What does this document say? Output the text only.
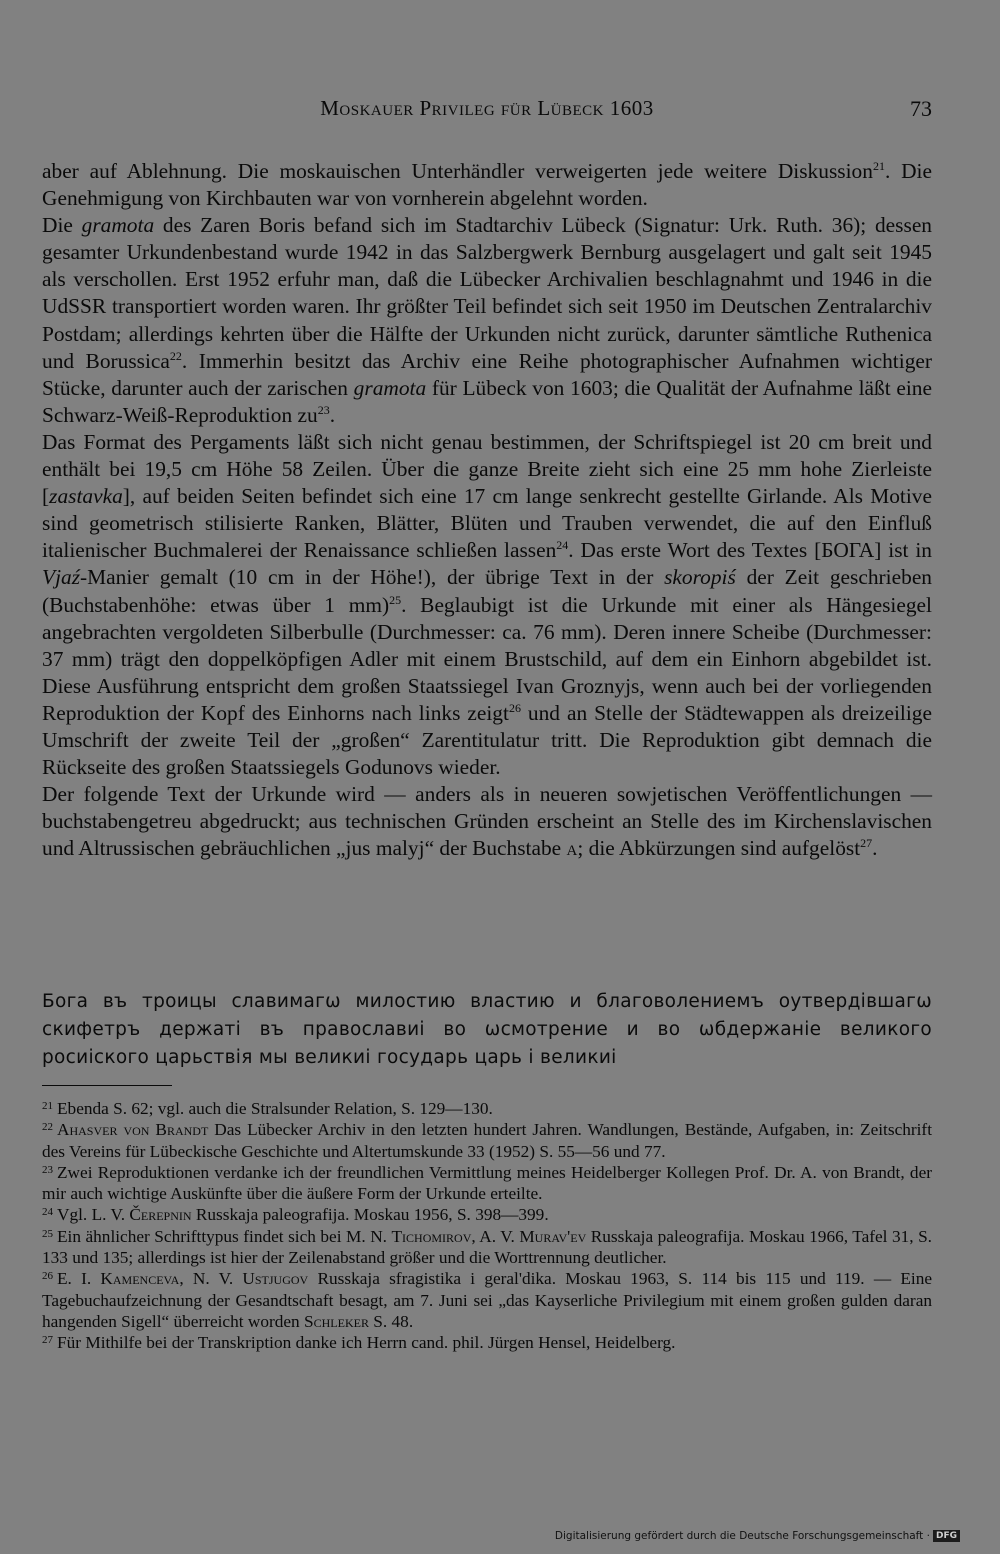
Moskauer Privileg für Lübeck 1603	73

aber auf Ablehnung. Die moskauischen Unterhändler verweigerten jede weitere Diskussion$^{21}$. Die Genehmigung von Kirchbauten war von vornherein abgelehnt worden.

Die gramota des Zaren Boris befand sich im Stadtarchiv Lübeck (Signatur: Urk. Ruth. 36); dessen gesamter Urkundenbestand wurde 1942 in das Salzbergwerk Bernburg ausgelagert und galt seit 1945 als verschollen. Erst 1952 erfuhr man, daß die Lübecker Archivalien beschlagnahmt und 1946 in die UdSSR transportiert worden waren. Ihr größter Teil befindet sich seit 1950 im Deutschen Zentralarchiv Postdam; allerdings kehrten über die Hälfte der Urkunden nicht zurück, darunter sämtliche Ruthenica und Borussica$^{22}$. Immerhin besitzt das Archiv eine Reihe photographischer Aufnahmen wichtiger Stücke, darunter auch der zarischen gramota für Lübeck von 1603; die Qualität der Aufnahme läßt eine Schwarz-Weiß-Reproduktion $zu^{23}$.

Das Format des Pergaments läßt sich nicht genau bestimmen, der Schriftspiegel ist 20 cm breit und enthält bei 19,5 cm Höhe 58 Zeilen. Über die ganze Breite zieht sich eine 25 mm hohe Zierleiste [zastavka], auf beiden Seiten befindet sich eine 17 cm lange senkrecht gestellte Girlande. Als Motive sind geometrisch stilisierte Ranken, Blätter, Blüten und Trauben verwendet, die auf den Einfluß italienischer Buchmalerei der Renaissance schließen lassen$^{24}$. Das erste Wort des Textes [БОГА] ist in Vjaź-Manier gemalt (10 cm in der Höhe!), der übrige Text in der skoropiś der Zeit geschrieben (Buchstabenhöhe: etwas über 1 mm)$^{25}$. Beglaubigt ist die Urkunde mit einer als Hängesiegel angebrachten vergoldeten Silberbulle (Durchmesser: ca. 76 mm). Deren innere Scheibe (Durchmesser: 37 mm) trägt den doppelköpfigen Adler mit einem Brustschild, auf dem ein Einhorn abgebildet ist. Diese Ausführung entspricht dem großen Staatssiegel Ivan Groznyjs, wenn auch bei der vorliegenden Reproduktion der Kopf des Einhorns nach links zeigt$^{26}$ und an Stelle der Städtewappen als dreizeilige Umschrift der zweite Teil der „großen“ Zarentitulatur tritt. Die Reproduktion gibt demnach die Rückseite des großen Staatssiegels Godunovs wieder.

Der folgende Text der Urkunde wird — anders als in neueren sowjetischen Veröffentlichungen — buchstabengetreu abgedruckt; aus technischen Gründen erscheint an Stelle des im Kirchenslavischen und Altrussischen gebräuchlichen „jus malyj“ der Buchstabe a; die Abkürzungen sind aufgelöst$^{27}$.

Бога въ троицы славимагѡ милостию властию и благоволениемъ оутвердiвшагѡ скифетръ держатi въ православиi во ѡсмотрение и во ѡбдержанiе великого росиiского царьствiя мы великиi государь царь i великиi

$^{21}$ Ebenda S. 62; vgl. auch die Stralsunder Relation, S. 129—130.

$^{22}$ Ahasver von Brandt Das Lübecker Archiv in den letzten hundert Jahren. Wandlungen, Bestände, Aufgaben, in: Zeitschrift des Vereins für Lübeckische Geschichte und Altertumskunde 33 (1952) S. 55—56 und 77.

$^{23}$ Zwei Reproduktionen verdanke ich der freundlichen Vermittlung meines Heidelberger Kollegen Prof. Dr. A. von Brandt, der mir auch wichtige Auskünfte über die äußere Form der Urkunde erteilte.

$^{24}$ Vgl. L. V. Čerepnin Russkaja paleografija. Moskau 1956, S. 398—399.

$^{25}$ Ein ähnlicher Schrifttypus findet sich bei M. N. Tichomirov, A. V. Murav'ev Russkaja paleografija. Moskau 1966, Tafel 31, S. 133 und 135; allerdings ist hier der Zeilenabstand größer und die Worttrennung deutlicher.

$^{26}$ E. I. Kamenceva, N. V. Ustjugov Russkaja sfragistika i geral'dika. Moskau 1963, S. 114 bis 115 und 119. — Eine Tagebuchaufzeichnung der Gesandtschaft besagt, am 7. Juni sei „das Kayserliche Privilegium mit einem großen gulden daran hangenden Sigell“ überreicht worden Schleker S. 48.

$^{27}$ Für Mithilfe bei der Transkription danke ich Herrn cand. phil. Jürgen Hensel, Heidelberg.

Digitalisierung gefördert durch die Deutsche Forschungsgemeinschaft · DFG
